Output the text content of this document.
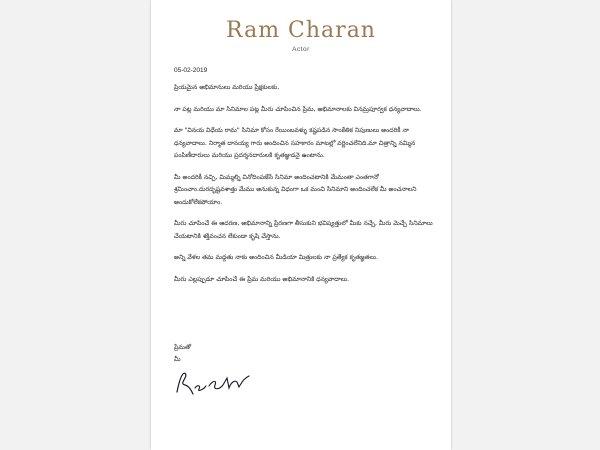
Ram Charan
Actor
05-02-2019

ప్రియమైన అభిమానులు మరియు ప్రేక్షకులకు,

నా పట్ల మరియు మా సినిమాల పట్ల మీరు చూపించిన ప్రేమ, అభిమానాలకు వినమ్రపూర్వక ధన్యవాదాలు.

మా "వినయ విధేయ రామ" సినిమా కోసం రేయింబవళ్ళు కష్టపడిన సాంకేతిక నిపుణులు అందరికీ నా ధన్యవాదాలు. నిర్మాత దానయ్య గారు అందించిన సహకారం మాటల్లో వర్ణించలేనిది.మా చిత్రాన్ని నమ్మిన పంపిణీదారులు మరియు ప్రదర్శనదారులకి కృతజ్ఞుడనై ఉంటాను.

మీ అందరికీ నచ్చి, మిమ్మల్ని వినోదింపజేసే సినిమా అందించటానికి మేమంతా ఎంతగానో శ్రమించాం.దురదృష్టవశాత్తు మేము అనుకున్న విధంగా ఒక మంచి సినిమాని అందించలేక మీ అంచనాలని అందుకోలేకపోయాం.

మీరు చూపించే ఈ ఆదరణ, అభిమానాన్ని ప్రేరణగా తీసుకుని భవిష్యత్తులో మీకు నచ్చే, మీరు మెచ్చే సినిమాలు చేయటానికి శక్తివంచన లేకుండా కృషి చేస్తాను.

అన్ని వేళల తమ మద్దతు నాకు అందించిన మీడియా మిత్రులకు నా ప్రత్యేక కృతజ్ఞతలు.

మీరు ఎల్లప్పుడూ చూపించే ఈ ప్రేమ మరియు అభిమానానికి ధన్యవాదాలు.

ప్రేమతో
మీ
